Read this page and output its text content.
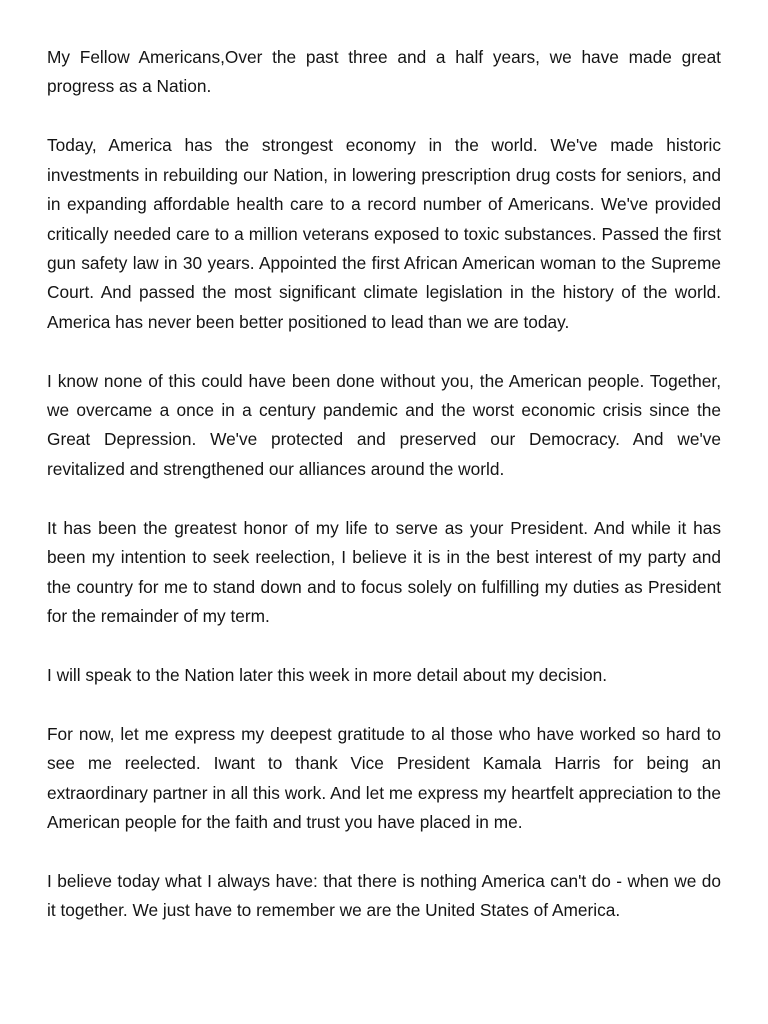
My Fellow Americans,Over the past three and a half years, we have made great progress as a Nation.

Today, America has the strongest economy in the world. We've made historic investments in rebuilding our Nation, in lowering prescription drug costs for seniors, and in expanding affordable health care to a record number of Americans. We've provided critically needed care to a million veterans exposed to toxic substances. Passed the first gun safety law in 30 years. Appointed the first African American woman to the Supreme Court. And passed the most significant climate legislation in the history of the world. America has never been better positioned to lead than we are today.

I know none of this could have been done without you, the American people. Together, we overcame a once in a century pandemic and the worst economic crisis since the Great Depression. We've protected and preserved our Democracy. And we've revitalized and strengthened our alliances around the world.

It has been the greatest honor of my life to serve as your President. And while it has been my intention to seek reelection, I believe it is in the best interest of my party and the country for me to stand down and to focus solely on fulfilling my duties as President for the remainder of my term.

I will speak to the Nation later this week in more detail about my decision.

For now, let me express my deepest gratitude to al those who have worked so hard to see me reelected. Iwant to thank Vice President Kamala Harris for being an extraordinary partner in all this work. And let me express my heartfelt appreciation to the American people for the faith and trust you have placed in me.

I believe today what I always have: that there is nothing America can't do - when we do it together. We just have to remember we are the United States of America.
